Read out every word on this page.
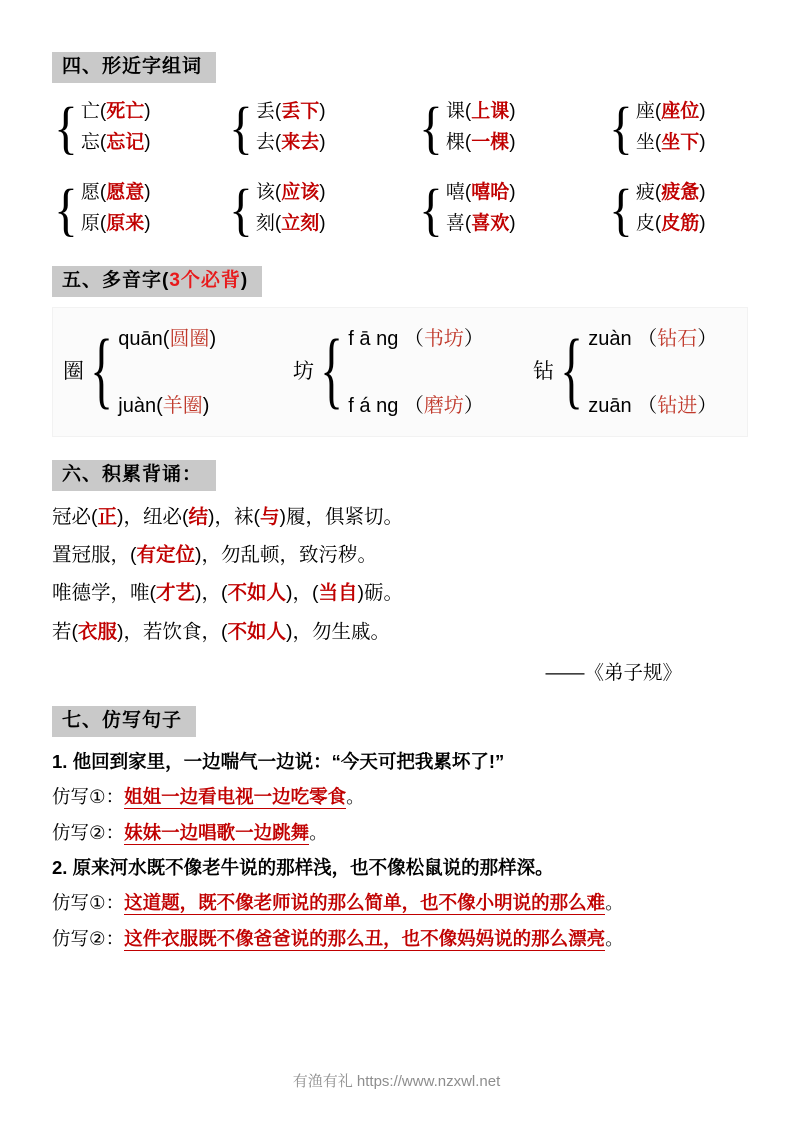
四、形近字组词
{ 亡(死亡)
忘(忘记) { 丢(丢下)
去(来去) { 课(上课)
棵(一棵) { 座(座位)
坐(坐下)
{ 愿(愿意)
原(原来) { 该(应该)
刻(立刻) { 嘻(嘻哈)
喜(喜欢) { 疲(疲惫)
皮(皮筋)
五、多音字(3个必背)
圈 { quān(圆圈)
juàn(羊圈)
坊 { f ā ng （书坊）
f á ng （磨坊）
钻 { zuàn （钻石）
zuān （钻进）
六、积累背诵：

冠必(正)，纽必(结)，袜(与)履，俱紧切。

置冠服，(有定位)，勿乱顿，致污秽。

唯德学，唯(才艺)，(不如人)，(当自)砺。

若(衣服)，若饮食，(不如人)，勿生戚。

——《弟子规》
七、仿写句子

1. 他回到家里，一边喘气一边说：“今天可把我累坏了!”

仿写①：姐姐一边看电视一边吃零食。

仿写②：妹妹一边唱歌一边跳舞。

2. 原来河水既不像老牛说的那样浅，也不像松鼠说的那样深。

仿写①：这道题，既不像老师说的那么简单，也不像小明说的那么难。

仿写②：这件衣服既不像爸爸说的那么丑，也不像妈妈说的那么漂亮。

有渔有礼 https://www.nzxwl.net
